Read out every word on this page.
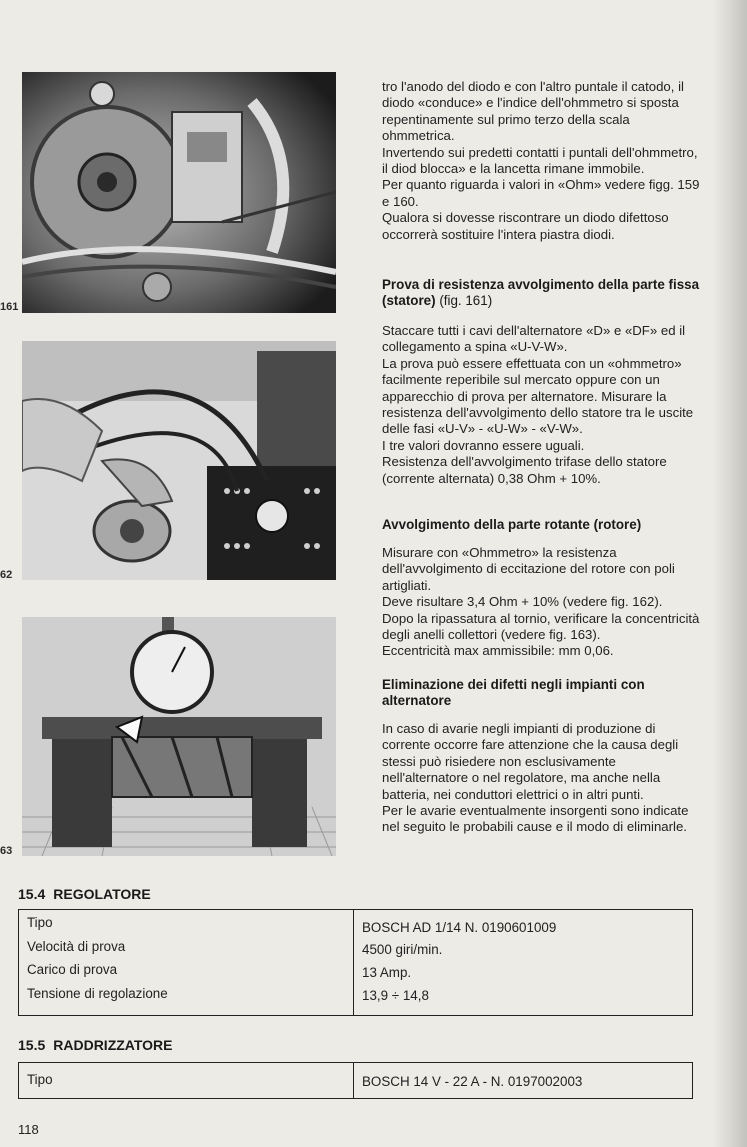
161
62
63

tro l'anodo del diodo e con l'altro puntale il catodo, il diodo «conduce» e l'indice dell'ohmmetro si sposta repentinamente sul primo terzo della scala ohmmetrica.

Invertendo sui predetti contatti i puntali dell'ohmmetro, il diod blocca» e la lancetta rimane immobile.

Per quanto riguarda i valori in «Ohm» vedere figg. 159 e 160.

Qualora si dovesse riscontrare un diodo difettoso occorrerà sostituire l'intera piastra diodi.

Prova di resistenza avvolgimento della parte fissa (statore) (fig. 161)

Staccare tutti i cavi dell'alternatore «D» e «DF» ed il collegamento a spina «U-V-W».

La prova può essere effettuata con un «ohmmetro» facilmente reperibile sul mercato oppure con un apparecchio di prova per alternatore. Misurare la resistenza dell'avvolgimento dello statore tra le uscite delle fasi «U-V» - «U-W» - «V-W».

I tre valori dovranno essere uguali.

Resistenza dell'avvolgimento trifase dello statore (corrente alternata) 0,38 Ohm + 10%.

Avvolgimento della parte rotante (rotore)

Misurare con «Ohmmetro» la resistenza dell'avvolgimento di eccitazione del rotore con poli artigliati.

Deve risultare 3,4 Ohm + 10% (vedere fig. 162).

Dopo la ripassatura al tornio, verificare la concentricità degli anelli collettori (vedere fig. 163).

Eccentricità max ammissibile: mm 0,06.

Eliminazione dei difetti negli impianti con alternatore

In caso di avarie negli impianti di produzione di corrente occorre fare attenzione che la causa degli stessi può risiedere non esclusivamente nell'alternatore o nel regolatore, ma anche nella batteria, nei conduttori elettrici o in altri punti.

Per le avarie eventualmente insorgenti sono indicate nel seguito le probabili cause e il modo di eliminarle.

15.4 REGOLATORE
Tipo	BOSCH AD 1/14 N. 0190601009
Velocità di prova	4500 giri/min.
Carico di prova	13 Amp.
Tensione di regolazione	13,9 ÷ 14,8
15.5 RADDRIZZATORE
Tipo	BOSCH 14 V - 22 A - N. 0197002003
118
